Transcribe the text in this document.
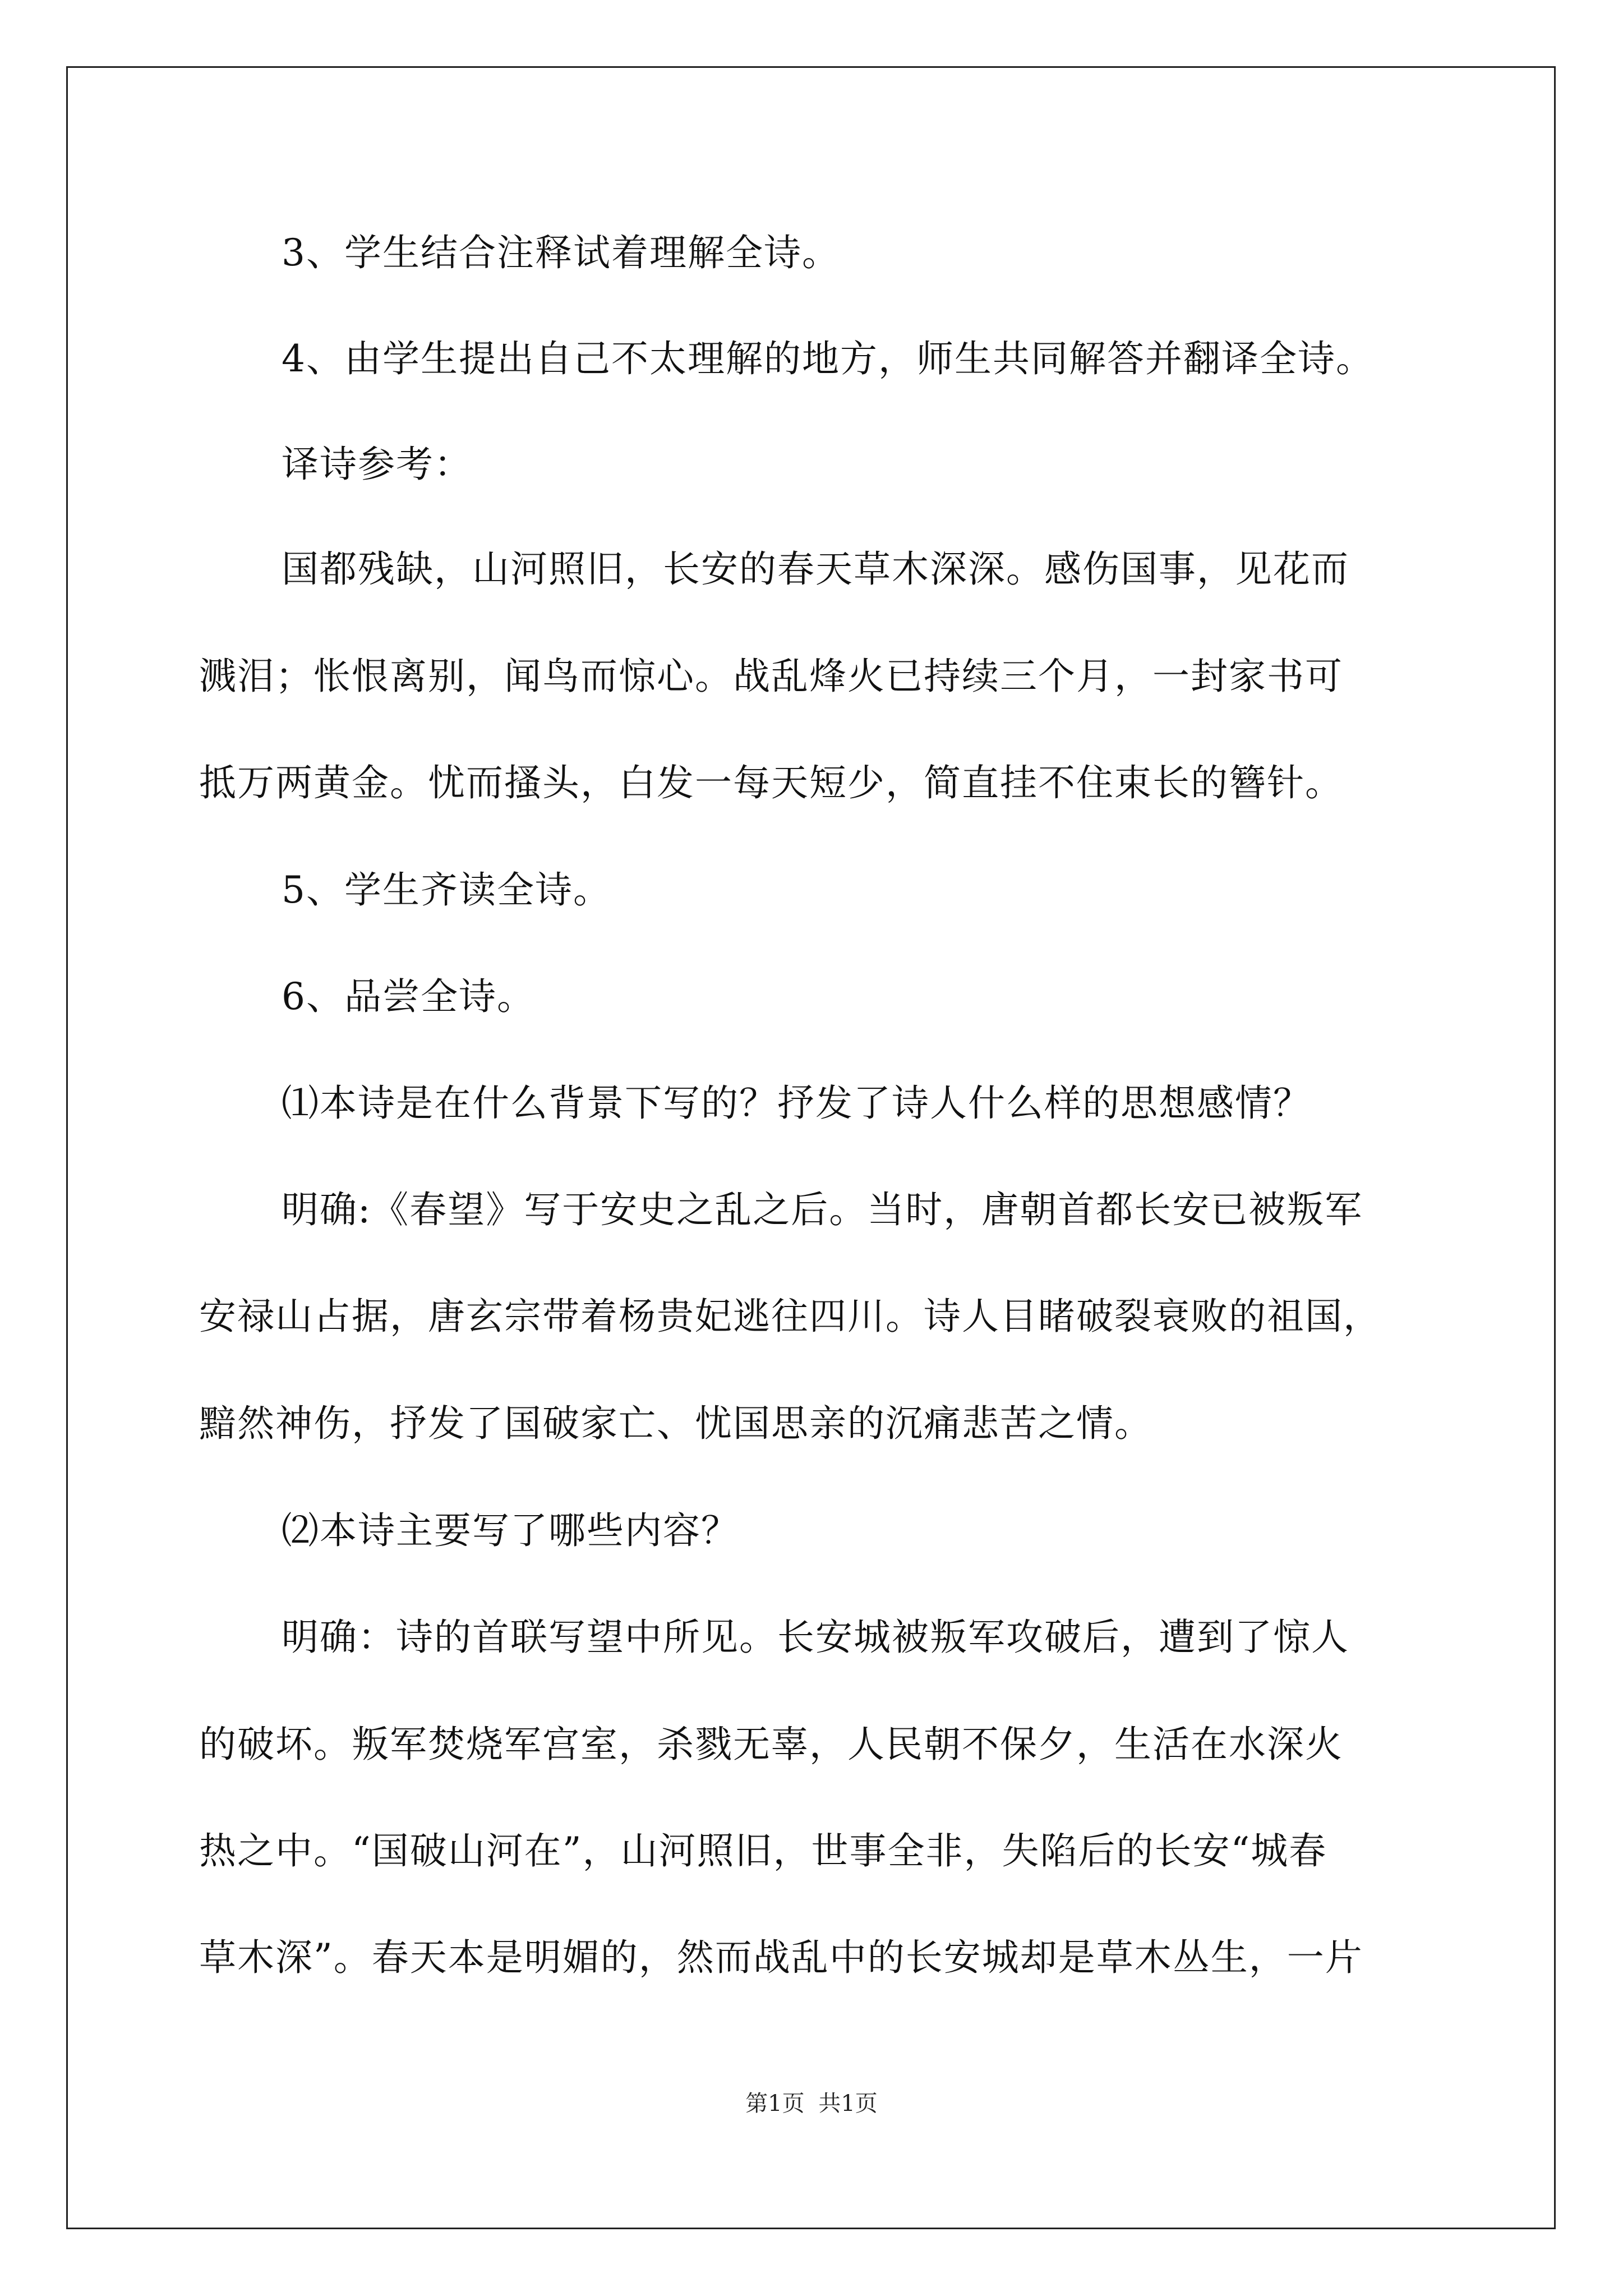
3、学生结合注释试着理解全诗。
4、由学生提出自己不太理解的地方，师生共同解答并翻译全诗。
译诗参考：
国都残缺，山河照旧，长安的春天草木深深。感伤国事，见花而
溅泪；怅恨离别，闻鸟而惊心。战乱烽火已持续三个月，一封家书可
抵万两黄金。忧而搔头，白发一每天短少，简直挂不住束长的簪针。
5、学生齐读全诗。
6、品尝全诗。
⑴本诗是在什么背景下写的？抒发了诗人什么样的思想感情？
明确:《春望》写于安史之乱之后。当时，唐朝首都长安已被叛军
安禄山占据，唐玄宗带着杨贵妃逃往四川。诗人目睹破裂衰败的祖国，
黯然神伤，抒发了国破家亡、忧国思亲的沉痛悲苦之情。
⑵本诗主要写了哪些内容？
明确：诗的首联写望中所见。长安城被叛军攻破后，遭到了惊人
的破坏。叛军焚烧军宫室，杀戮无辜，人民朝不保夕，生活在水深火
热之中。“国破山河在”，山河照旧，世事全非，失陷后的长安“城春
草木深”。春天本是明媚的，然而战乱中的长安城却是草木丛生，一片
第1页 共1页
